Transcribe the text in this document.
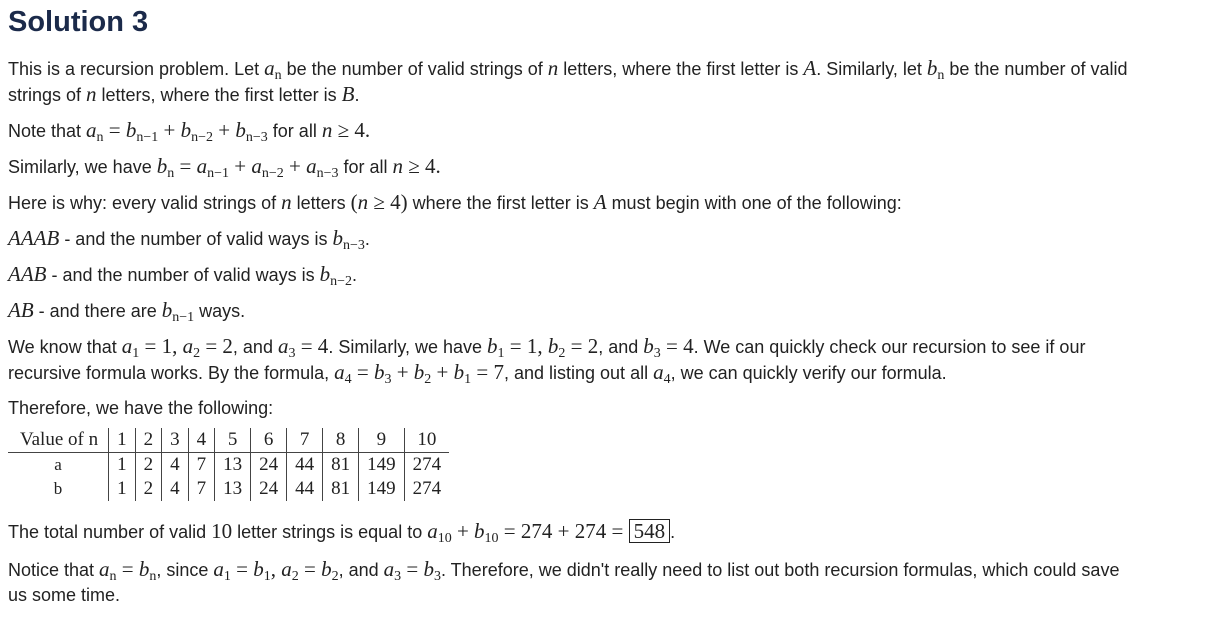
Solution 3
This is a recursion problem. Let $a_n$ be the number of valid strings of n letters, where the first letter is A. Similarly, let $b_n$ be the number of valid
strings of n letters, where the first letter is B.
Note that $a_n = b_{n-1} + b_{n-2} + b_{n-3}$ for all n ≥ 4.
Similarly, we have $b_n = a_{n-1} + a_{n-2} + a_{n-3}$ for all n ≥ 4.
Here is why: every valid strings of n letters (n ≥ 4) where the first letter is A must begin with one of the following:
AAAB - and the number of valid ways is $b_{n-3}$.
AAB - and the number of valid ways is $b_{n-2}$.
AB - and there are $b_{n-1}$ ways.
We know that $a_1 = 1$, $a_2 = 2$, and $a_3 = 4$. Similarly, we have $b_1 = 1$, $b_2 = 2$, and $b_3 = 4$. We can quickly check our recursion to see if our
recursive formula works. By the formula, $a_4 = b_3 + b_2 + b_1 = 7$, and listing out all $a_4$, we can quickly verify our formula.
Therefore, we have the following:
Value of n	1	2	3	4	5	6	7	8	9	10
a	1	2	4	7	13	24	44	81	149	274
b	1	2	4	7	13	24	44	81	149	274
The total number of valid 10 letter strings is equal to $a_{10} + b_{10} = 274 + 274 = 548$ .
Notice that $a_n = b_n$, since $a_1 = b_1$, $a_2 = b_2$, and $a_3 = b_3$. Therefore, we didn't really need to list out both recursion formulas, which could save
us some time.
